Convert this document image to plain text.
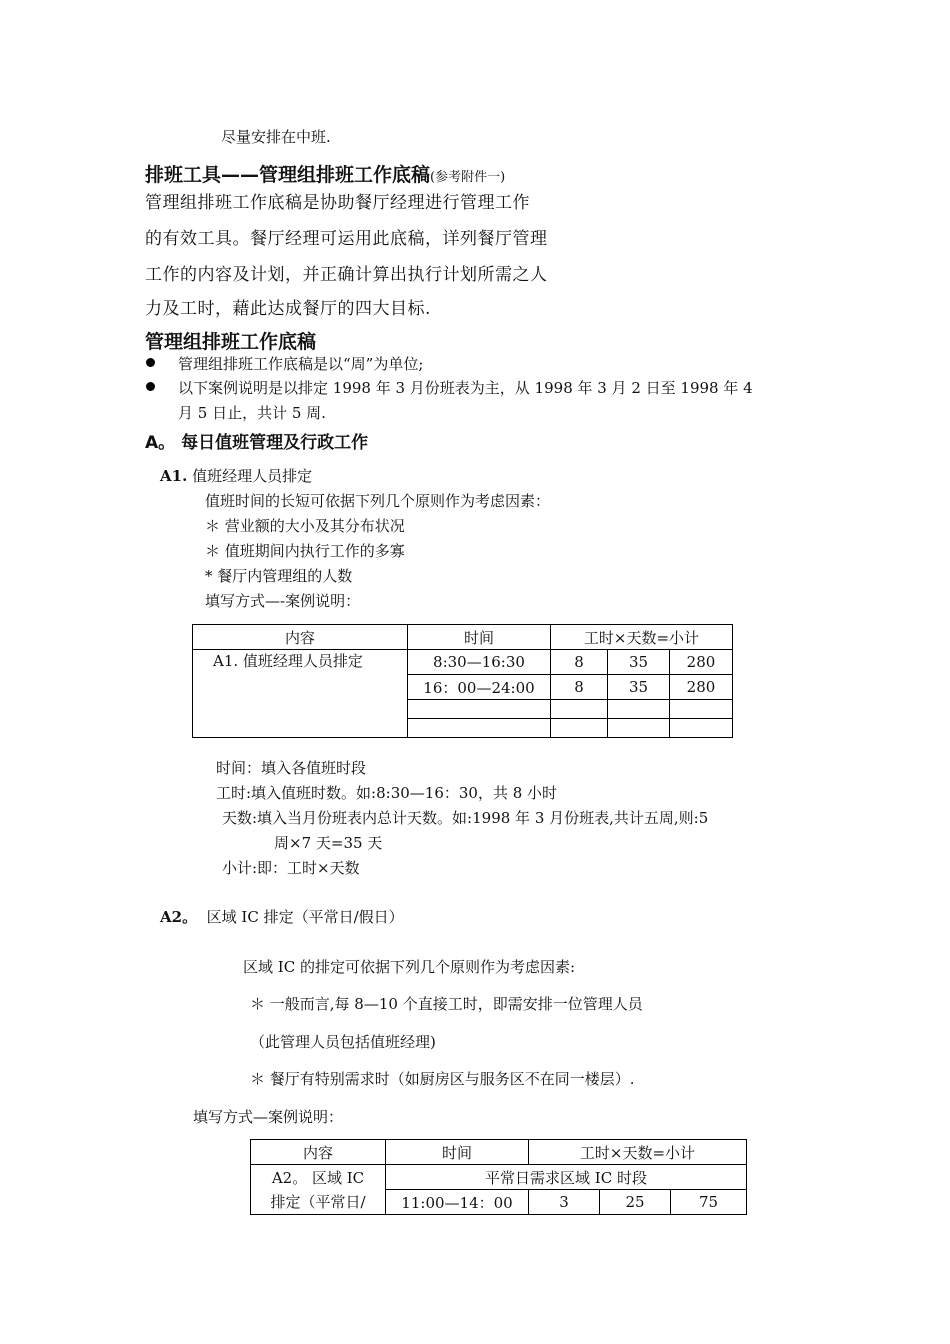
尽量安排在中班.
排班工具——管理组排班工作底稿(参考附件一)
管理组排班工作底稿是协助餐厅经理进行管理工作
的有效工具。餐厅经理可运用此底稿，详列餐厅管理
工作的内容及计划，并正确计算出执行计划所需之人
力及工时，藉此达成餐厅的四大目标.
管理组排班工作底稿
管理组排班工作底稿是以“周”为单位;
以下案例说明是以排定 1998 年 3 月份班表为主，从 1998 年 3 月 2 日至 1998 年 4
月 5 日止，共计 5 周.
A。 每日值班管理及行政工作
A1. 值班经理人员排定
值班时间的长短可依据下列几个原则作为考虑因素：
＊ 营业额的大小及其分布状况
＊ 值班期间内执行工作的多寡
* 餐厅内管理组的人数
填写方式—-案例说明：
内容	时间	工时×天数=小计		
A1. 值班经理人员排定	8:30—16:30	8	35	280
	16：00—24:00	8	35	280

时间：填入各值班时段
工时:填入值班时数。如:8:30—16：30，共 8 小时
天数:填入当月份班表内总计天数。如:1998 年 3 月份班表,共计五周,则:5
周×7 天=35 天
小计:即：工时×天数
A2。 区域 IC 排定（平常日/假日）
区域 IC 的排定可依据下列几个原则作为考虑因素:
＊ 一般而言,每 8—10 个直接工时，即需安排一位管理人员
（此管理人员包括值班经理)
＊ 餐厅有特别需求时（如厨房区与服务区不在同一楼层）.
填写方式—案例说明：
内容	时间	工时×天数=小计		
A2。 区域 IC	平常日需求区域 IC 时段			
排定（平常日/	11:00—14：00	3	25	75
